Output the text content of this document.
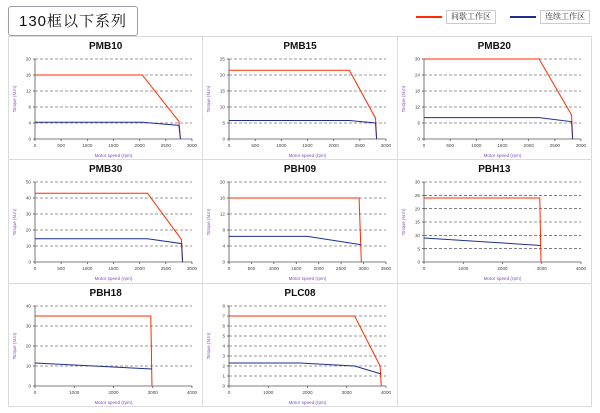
130框以下系列	间歇工作区	连续工作区
PMB10
0
4
8
12
16
20
0	500	1000	1500	2000	2500	3000
Motor speed (rpm)
Torque (N.m)
PMB15
0
5
10
15
20
25
0	500	1000	1500	2000	2500	3000
Motor speed (rpm)
Torque (N.m)
PMB20
0
6
12
18
24
30
0	500	1000	1500	2000	2500	3000
Motor speed (rpm)
Torque (N.m)
PMB30
0
10
20
30
40
50
0	500	1000	1500	2000	2500	3000
Motor speed (rpm)
Torque (N.m)
PBH09
0
4
8
12
16
20
0	500	1000	1500	2000	2500	3000	3500
Motor speed (rpm)
Torque (N.m)
PBH13
0
5
10
15
20
25
30
0	1000	2000	3000	4000
Motor speed (rpm)
Torque (N.m)
PBH18
0
10
20
30
40
0	1000	2000	3000	4000
Motor speed (rpm)
Torque (N.m)
PLC08
0
1
2
3
4
5
6
7
8
0	1000	2000	3000	4000
Motor speed (rpm)
Torque (N.m)
